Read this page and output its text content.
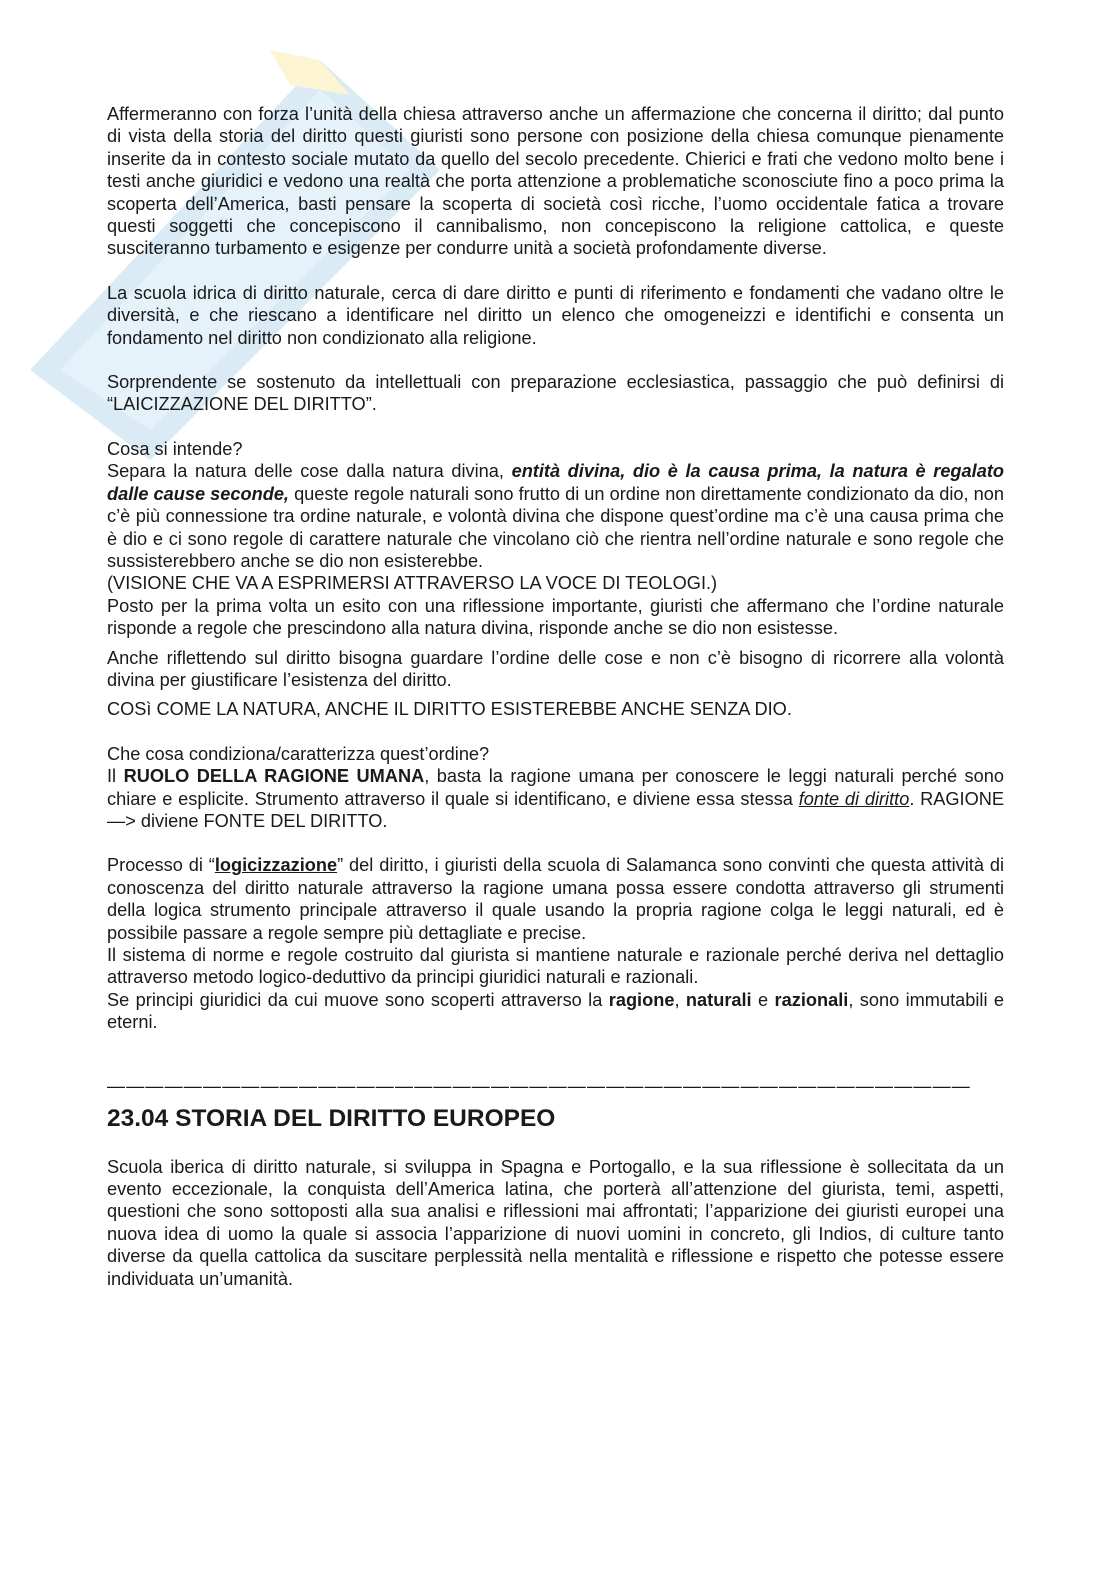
Affermeranno con forza l’unità della chiesa attraverso anche un affermazione che concerna il diritto; dal punto di vista della storia del diritto questi giuristi sono persone con posizione della chiesa comunque pienamente inserite da in contesto sociale mutato da quello del secolo precedente. Chierici e frati che vedono molto bene i testi anche giuridici e vedono una realtà che porta attenzione a problematiche sconosciute fino a poco prima la scoperta dell’America, basti pensare la scoperta di società così ricche, l’uomo occidentale fatica a trovare questi soggetti che concepiscono il cannibalismo, non concepiscono la religione cattolica, e queste susciteranno turbamento e esigenze per condurre unità a società profondamente diverse.

La scuola idrica di diritto naturale, cerca di dare diritto e punti di riferimento e fondamenti che vadano oltre le diversità, e che riescano a identificare nel diritto un elenco che omogeneizzi e identifichi e consenta un fondamento nel diritto non condizionato alla religione.

Sorprendente se sostenuto da intellettuali con preparazione ecclesiastica, passaggio che può definirsi di “LAICIZZAZIONE DEL DIRITTO”.

Cosa si intende?

Separa la natura delle cose dalla natura divina, entità divina, dio è la causa prima, la natura è regalato dalle cause seconde, queste regole naturali sono frutto di un ordine non direttamente condizionato da dio, non c’è più connessione tra ordine naturale, e volontà divina che dispone quest’ordine ma c’è una causa prima che è dio e ci sono regole di carattere naturale che vincolano ciò che rientra nell’ordine naturale e sono regole che sussisterebbero anche se dio non esisterebbe.

(VISIONE CHE VA A ESPRIMERSI ATTRAVERSO LA VOCE DI TEOLOGI.)

Posto per la prima volta un esito con una riflessione importante, giuristi che affermano che l’ordine naturale risponde a regole che prescindono alla natura divina, risponde anche se dio non esistesse.

Anche riflettendo sul diritto bisogna guardare l’ordine delle cose e non c’è bisogno di ricorrere alla volontà divina per giustificare l’esistenza del diritto.

COSì COME LA NATURA, ANCHE IL DIRITTO ESISTEREBBE ANCHE SENZA DIO.

Che cosa condiziona/caratterizza quest’ordine?

Il RUOLO DELLA RAGIONE UMANA, basta la ragione umana per conoscere le leggi naturali perché sono chiare e esplicite. Strumento attraverso il quale si identificano, e diviene essa stessa fonte di diritto. RAGIONE—> diviene FONTE DEL DIRITTO.

Processo di “logicizzazione” del diritto, i giuristi della scuola di Salamanca sono convinti che questa attività di conoscenza del diritto naturale attraverso la ragione umana possa essere condotta attraverso gli strumenti della logica strumento principale attraverso il quale usando la propria ragione colga le leggi naturali, ed è possibile passare a regole sempre più dettagliate e precise.

Il sistema di norme e regole costruito dal giurista si mantiene naturale e razionale perché deriva nel dettaglio attraverso metodo logico-deduttivo da principi giuridici naturali e razionali.

Se principi giuridici da cui muove sono scoperti attraverso la ragione, naturali e razionali, sono immutabili e eterni.

—————————————————————————————————————————————
23.04 STORIA DEL DIRITTO EUROPEO

Scuola iberica di diritto naturale, si sviluppa in Spagna e Portogallo, e la sua riflessione è sollecitata da un evento eccezionale, la conquista dell’America latina, che porterà all’attenzione del giurista, temi, aspetti, questioni che sono sottoposti alla sua analisi e riflessioni mai affrontati; l’apparizione dei giuristi europei una nuova idea di uomo la quale si associa l’apparizione di nuovi uomini in concreto, gli Indios, di culture tanto diverse da quella cattolica da suscitare perplessità nella mentalità e riflessione e rispetto che potesse essere individuata un’umanità.
